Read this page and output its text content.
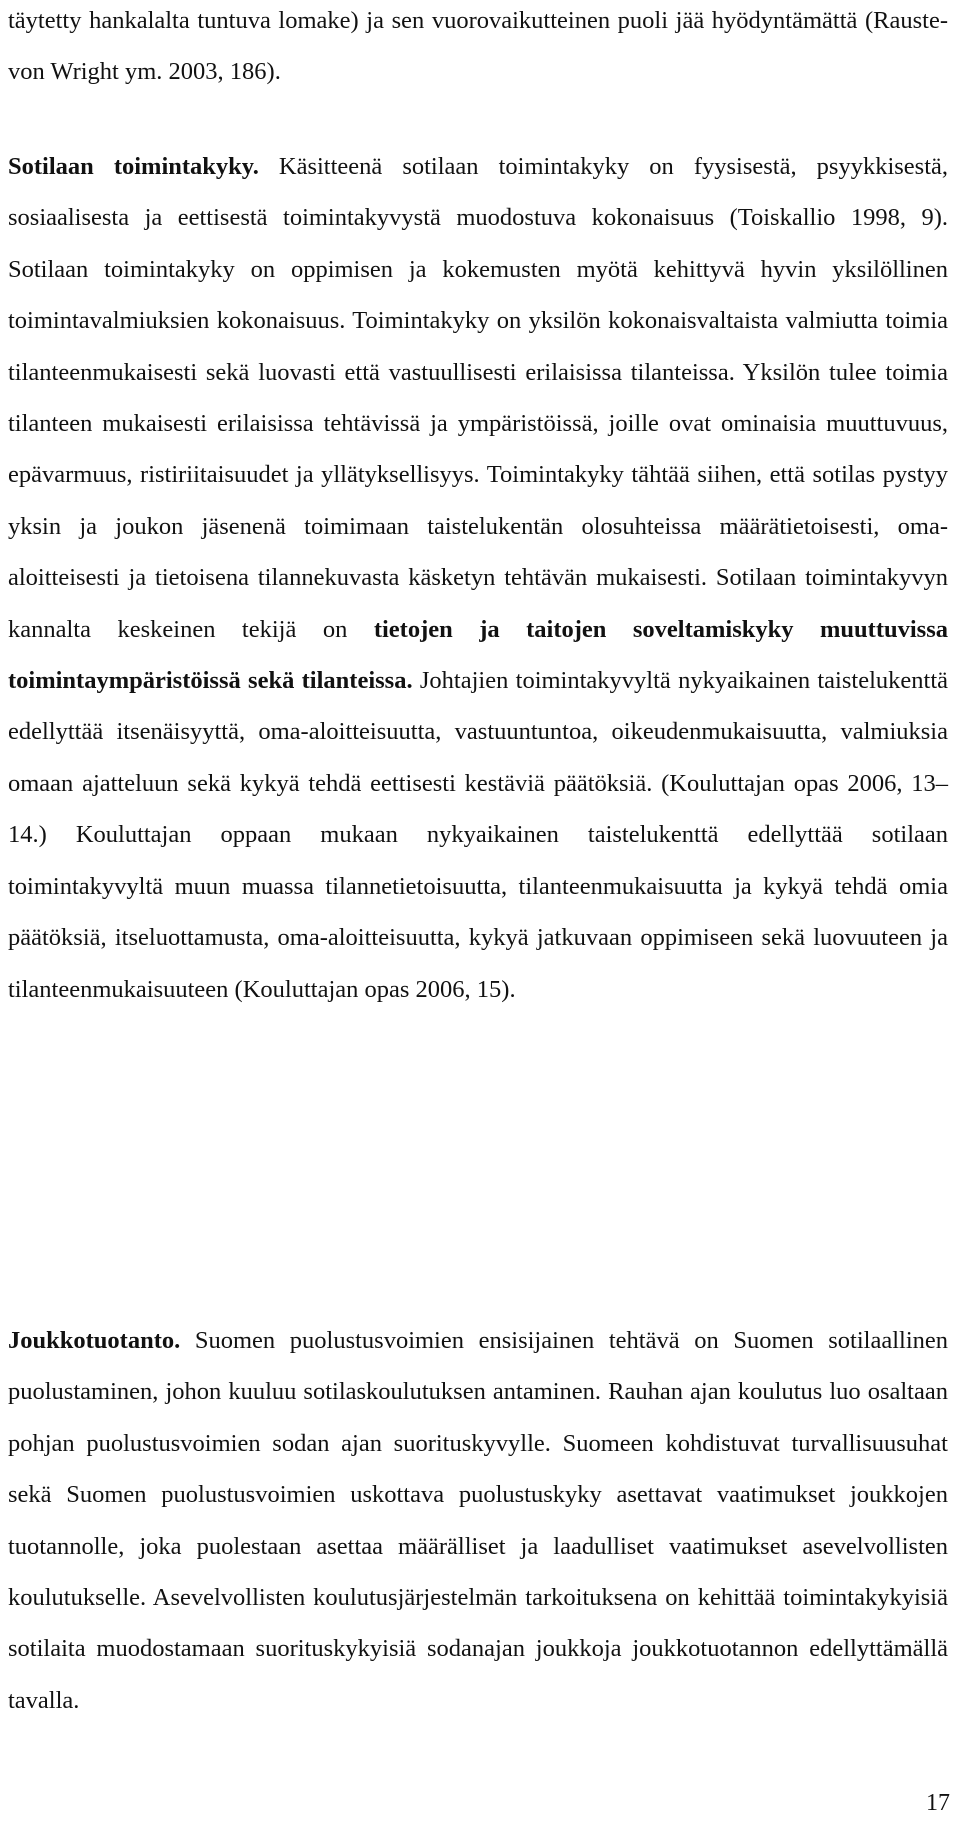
täytetty hankalalta tuntuva lomake) ja sen vuorovaikutteinen puoli jää hyödyntämättä (Rauste-von Wright ym. 2003, 186).

Sotilaan toimintakyky. Käsitteenä sotilaan toimintakyky on fyysisestä, psyykkisestä, sosiaalisesta ja eettisestä toimintakyvystä muodostuva kokonaisuus (Toiskallio 1998, 9). Sotilaan toimintakyky on oppimisen ja kokemusten myötä kehittyvä hyvin yksilöllinen toimintavalmiuksien kokonaisuus. Toimintakyky on yksilön kokonaisvaltaista valmiutta toimia tilanteenmukaisesti sekä luovasti että vastuullisesti erilaisissa tilanteissa. Yksilön tulee toimia tilanteen mukaisesti erilaisissa tehtävissä ja ympäristöissä, joille ovat ominaisia muuttuvuus, epävarmuus, ristiriitaisuudet ja yllätyksellisyys. Toimintakyky tähtää siihen, että sotilas pystyy yksin ja joukon jäsenenä toimimaan taistelukentän olosuhteissa määrätietoisesti, oma-aloitteisesti ja tietoisena tilannekuvasta käsketyn tehtävän mukaisesti. Sotilaan toimintakyvyn kannalta keskeinen tekijä on tietojen ja taitojen soveltamiskyky muuttuvissa toimintaympäristöissä sekä tilanteissa. Johtajien toimintakyvyltä nykyaikainen taistelukenttä edellyttää itsenäisyyttä, oma-aloitteisuutta, vastuuntuntoa, oikeudenmukaisuutta, valmiuksia omaan ajatteluun sekä kykyä tehdä eettisesti kestäviä päätöksiä. (Kouluttajan opas 2006, 13–14.) Kouluttajan oppaan mukaan nykyaikainen taistelukenttä edellyttää sotilaan toimintakyvyltä muun muassa tilannetietoisuutta, tilanteenmukaisuutta ja kykyä tehdä omia päätöksiä, itseluottamusta, oma-aloitteisuutta, kykyä jatkuvaan oppimiseen sekä luovuuteen ja tilanteenmukaisuuteen (Kouluttajan opas 2006, 15).

Joukkotuotanto. Suomen puolustusvoimien ensisijainen tehtävä on Suomen sotilaallinen puolustaminen, johon kuuluu sotilaskoulutuksen antaminen. Rauhan ajan koulutus luo osaltaan pohjan puolustusvoimien sodan ajan suorituskyvylle. Suomeen kohdistuvat turvallisuusuhat sekä Suomen puolustusvoimien uskottava puolustuskyky asettavat vaatimukset joukkojen tuotannolle, joka puolestaan asettaa määrälliset ja laadulliset vaatimukset asevelvollisten koulutukselle. Asevelvollisten koulutusjärjestelmän tarkoituksena on kehittää toimintakykyisiä sotilaita muodostamaan suorituskykyisiä sodanajan joukkoja joukkotuotannon edellyttämällä tavalla.

17
